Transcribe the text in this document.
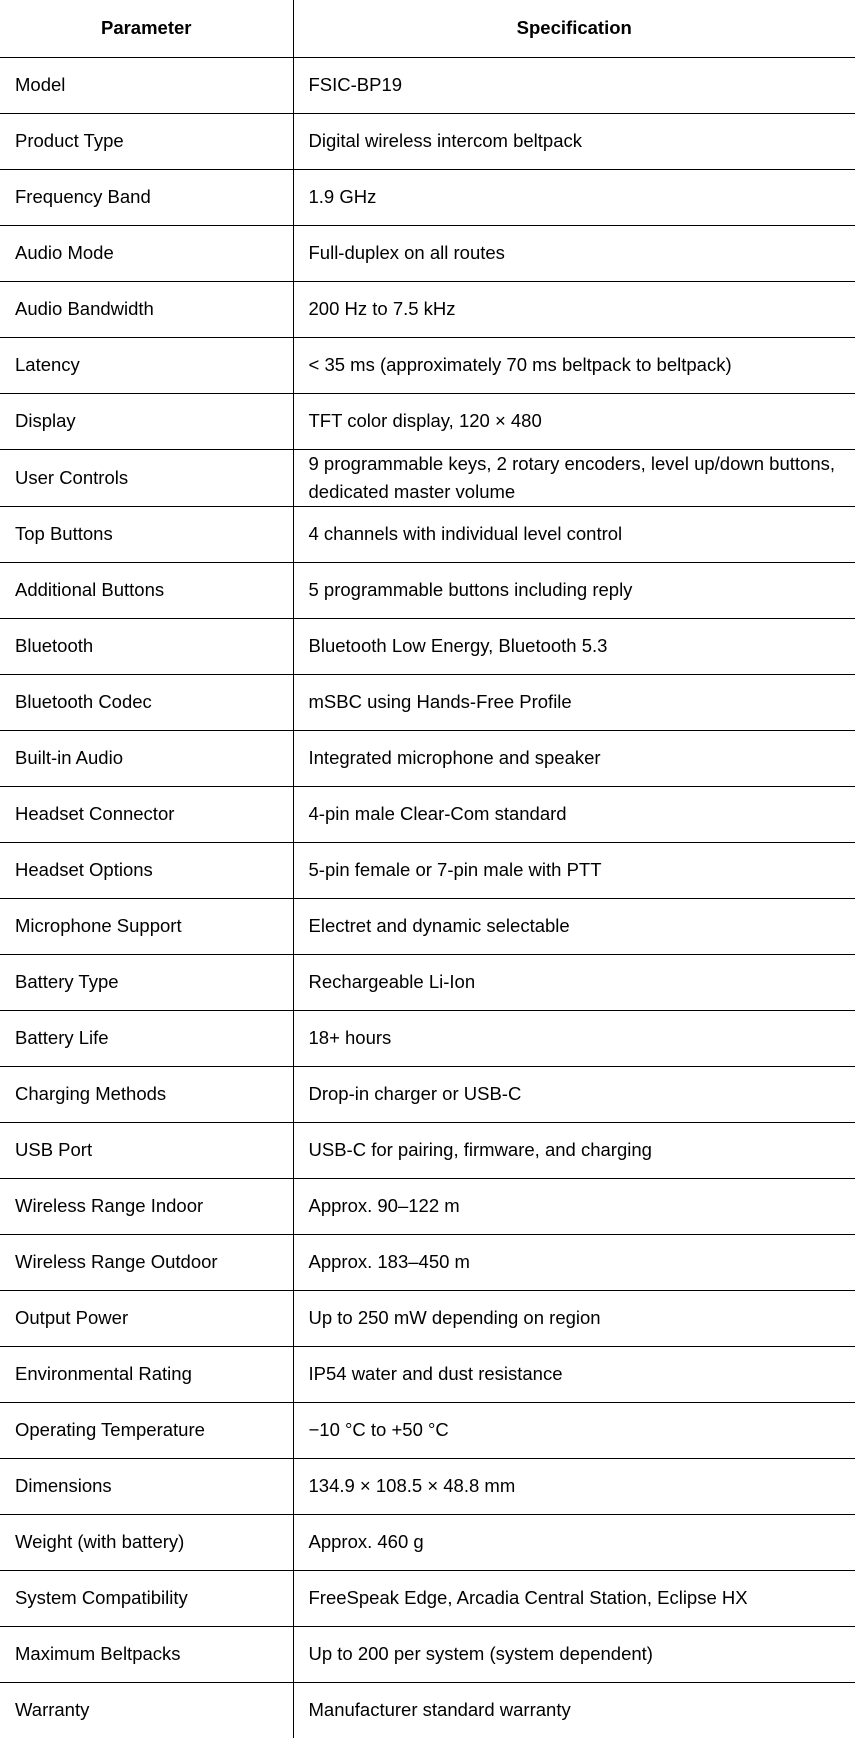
Parameter	Specification
Model	FSIC-BP19
Product Type	Digital wireless intercom beltpack
Frequency Band	1.9 GHz
Audio Mode	Full-duplex on all routes
Audio Bandwidth	200 Hz to 7.5 kHz
Latency	< 35 ms (approximately 70 ms beltpack to beltpack)
Display	TFT color display, 120 × 480
User Controls	9 programmable keys, 2 rotary encoders, level up/down buttons, dedicated master volume
Top Buttons	4 channels with individual level control
Additional Buttons	5 programmable buttons including reply
Bluetooth	Bluetooth Low Energy, Bluetooth 5.3
Bluetooth Codec	mSBC using Hands-Free Profile
Built-in Audio	Integrated microphone and speaker
Headset Connector	4-pin male Clear-Com standard
Headset Options	5-pin female or 7-pin male with PTT
Microphone Support	Electret and dynamic selectable
Battery Type	Rechargeable Li-Ion
Battery Life	18+ hours
Charging Methods	Drop-in charger or USB-C
USB Port	USB-C for pairing, firmware, and charging
Wireless Range Indoor	Approx. 90–122 m
Wireless Range Outdoor	Approx. 183–450 m
Output Power	Up to 250 mW depending on region
Environmental Rating	IP54 water and dust resistance
Operating Temperature	−10 °C to +50 °C
Dimensions	134.9 × 108.5 × 48.8 mm
Weight (with battery)	Approx. 460 g
System Compatibility	FreeSpeak Edge, Arcadia Central Station, Eclipse HX
Maximum Beltpacks	Up to 200 per system (system dependent)
Warranty	Manufacturer standard warranty
